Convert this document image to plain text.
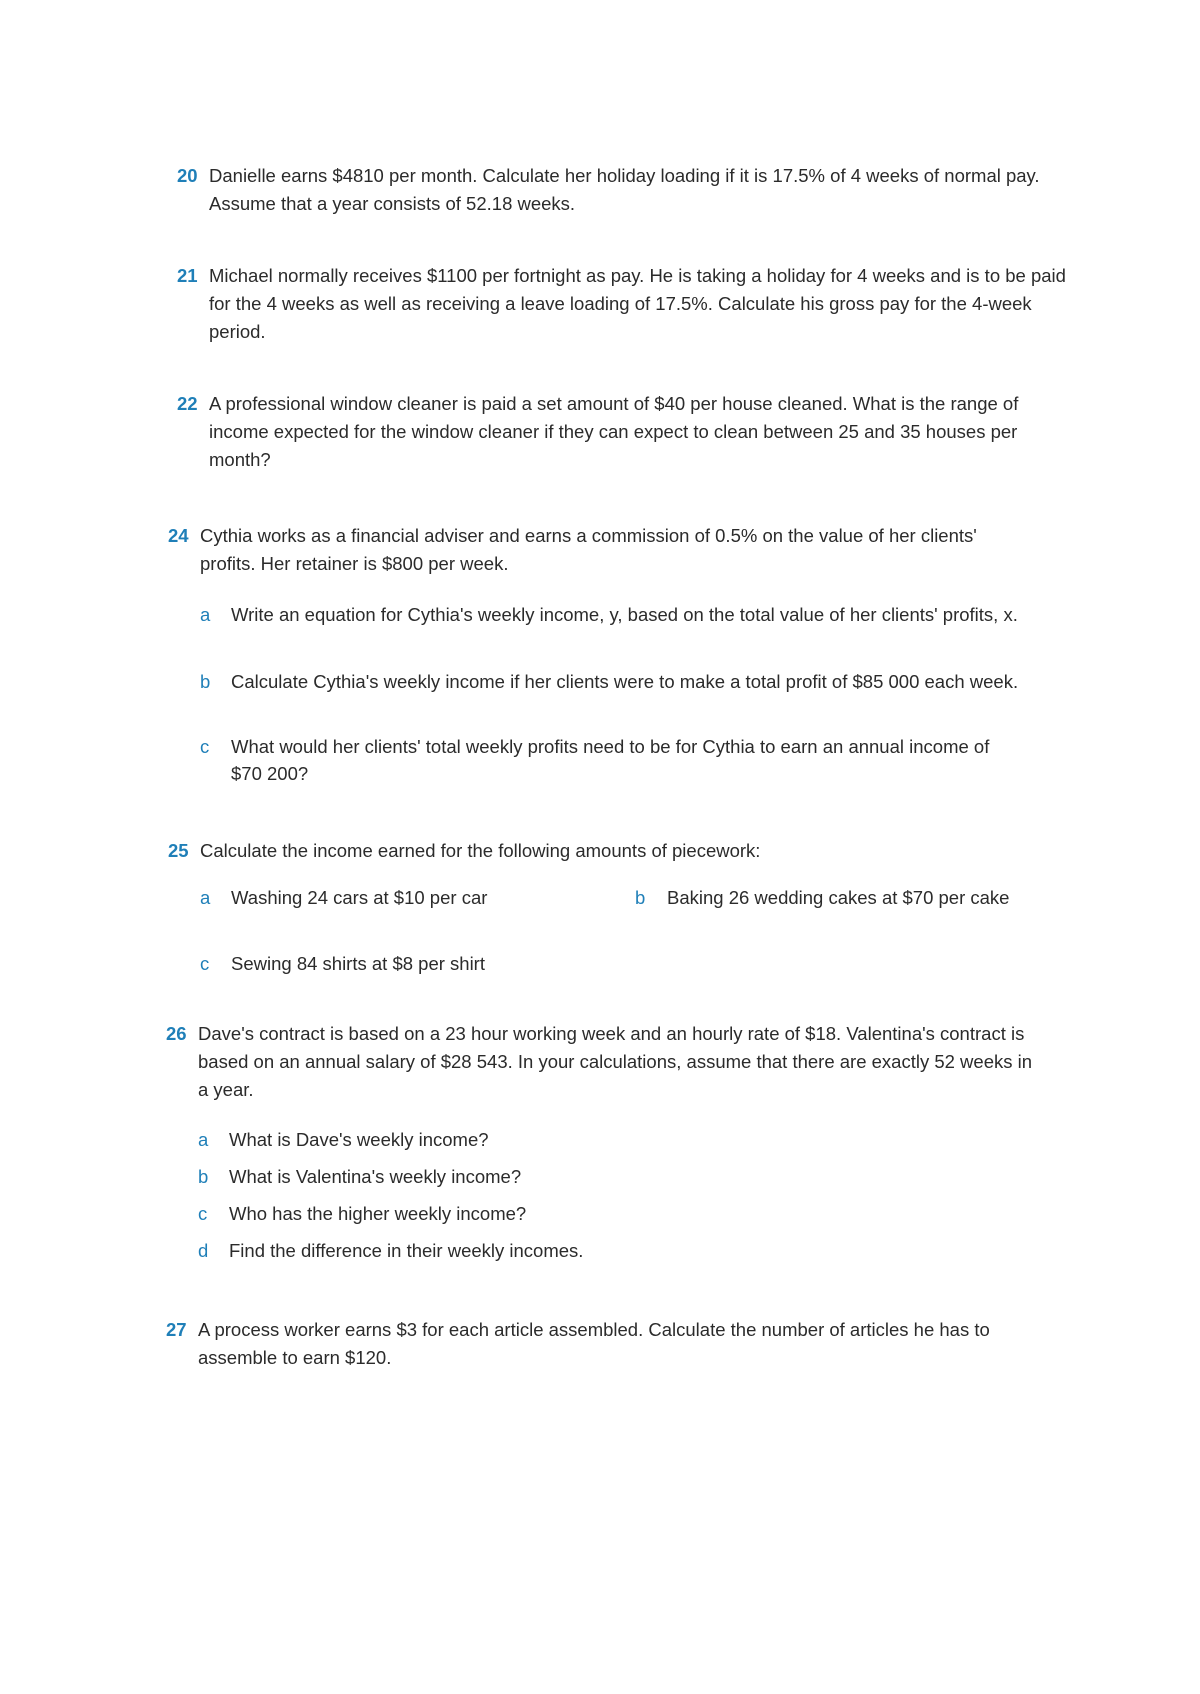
20 Danielle earns $4810 per month. Calculate her holiday loading if it is 17.5% of 4 weeks of normal pay. Assume that a year consists of 52.18 weeks.
21 Michael normally receives $1100 per fortnight as pay. He is taking a holiday for 4 weeks and is to be paid for the 4 weeks as well as receiving a leave loading of 17.5%. Calculate his gross pay for the 4-week period.
22 A professional window cleaner is paid a set amount of $40 per house cleaned. What is the range of income expected for the window cleaner if they can expect to clean between 25 and 35 houses per month?
24 Cythia works as a financial adviser and earns a commission of 0.5% on the value of her clients' profits. Her retainer is $800 per week.
a Write an equation for Cythia's weekly income, y, based on the total value of her clients' profits, x.
b Calculate Cythia's weekly income if her clients were to make a total profit of $85 000 each week.
c What would her clients' total weekly profits need to be for Cythia to earn an annual income of $70 200?
25 Calculate the income earned for the following amounts of piecework:
a Washing 24 cars at $10 per car	b Baking 26 wedding cakes at $70 per cake
c Sewing 84 shirts at $8 per shirt
26 Dave's contract is based on a 23 hour working week and an hourly rate of $18. Valentina's contract is based on an annual salary of $28 543. In your calculations, assume that there are exactly 52 weeks in a year.
a What is Dave's weekly income?
b What is Valentina's weekly income?
c Who has the higher weekly income?
d Find the difference in their weekly incomes.
27 A process worker earns $3 for each article assembled. Calculate the number of articles he has to assemble to earn $120.
